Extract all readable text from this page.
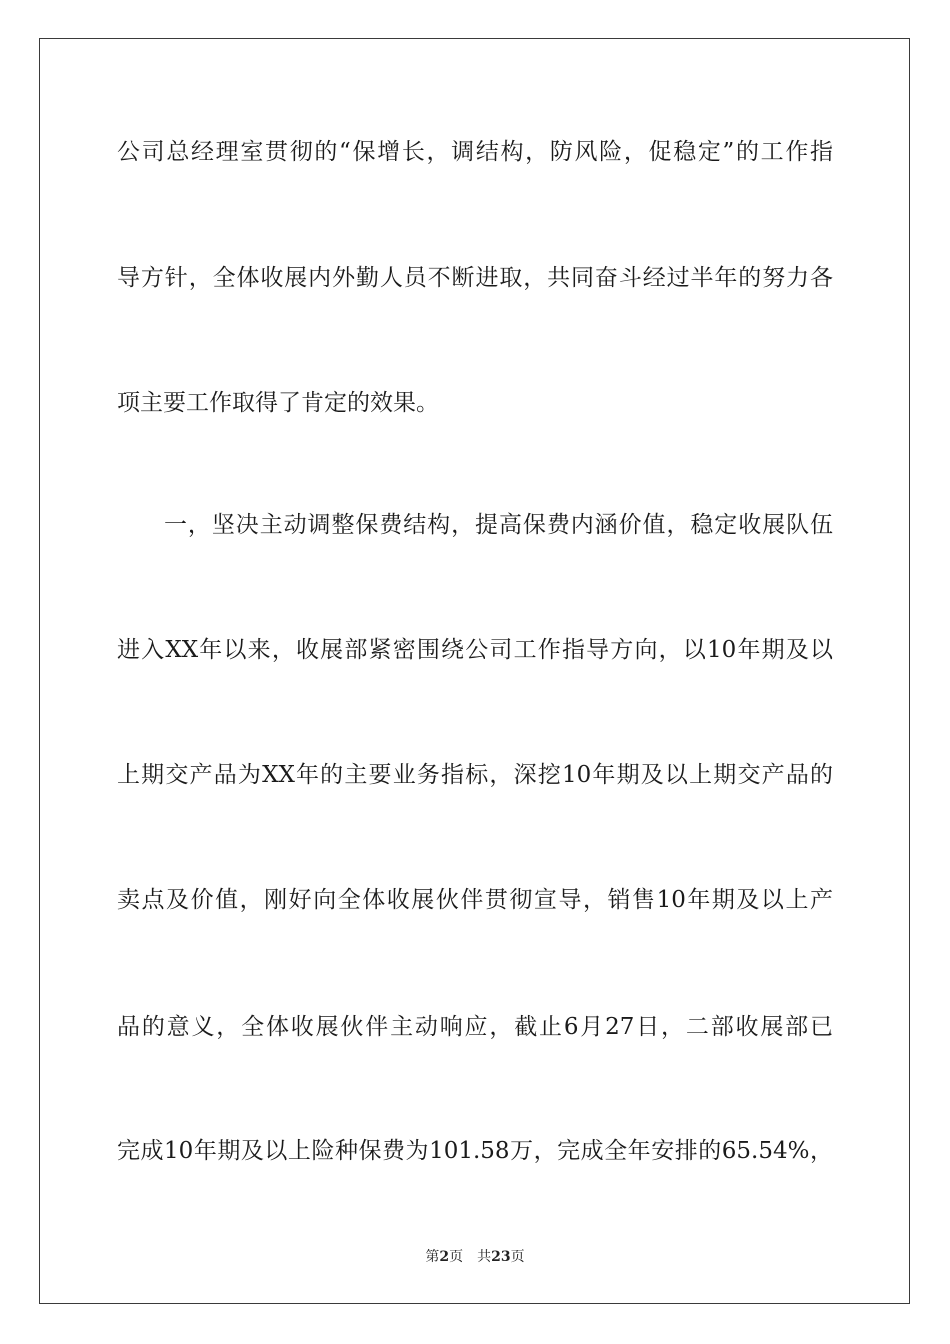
公司总经理室贯彻的“保增长，调结构，防风险，促稳定”的工作指
导方针，全体收展内外勤人员不断进取，共同奋斗经过半年的努力各
项主要工作取得了肯定的效果。
一，坚决主动调整保费结构，提高保费内涵价值，稳定收展队伍
进入XX年以来，收展部紧密围绕公司工作指导方向，以10年期及以
上期交产品为XX年的主要业务指标，深挖10年期及以上期交产品的
卖点及价值，刚好向全体收展伙伴贯彻宣导，销售10年期及以上产
品的意义，全体收展伙伴主动响应，截止6月27日，二部收展部已
完成10年期及以上险种保费为101.58万，完成全年安排的65.54%，
第2页 共23页
